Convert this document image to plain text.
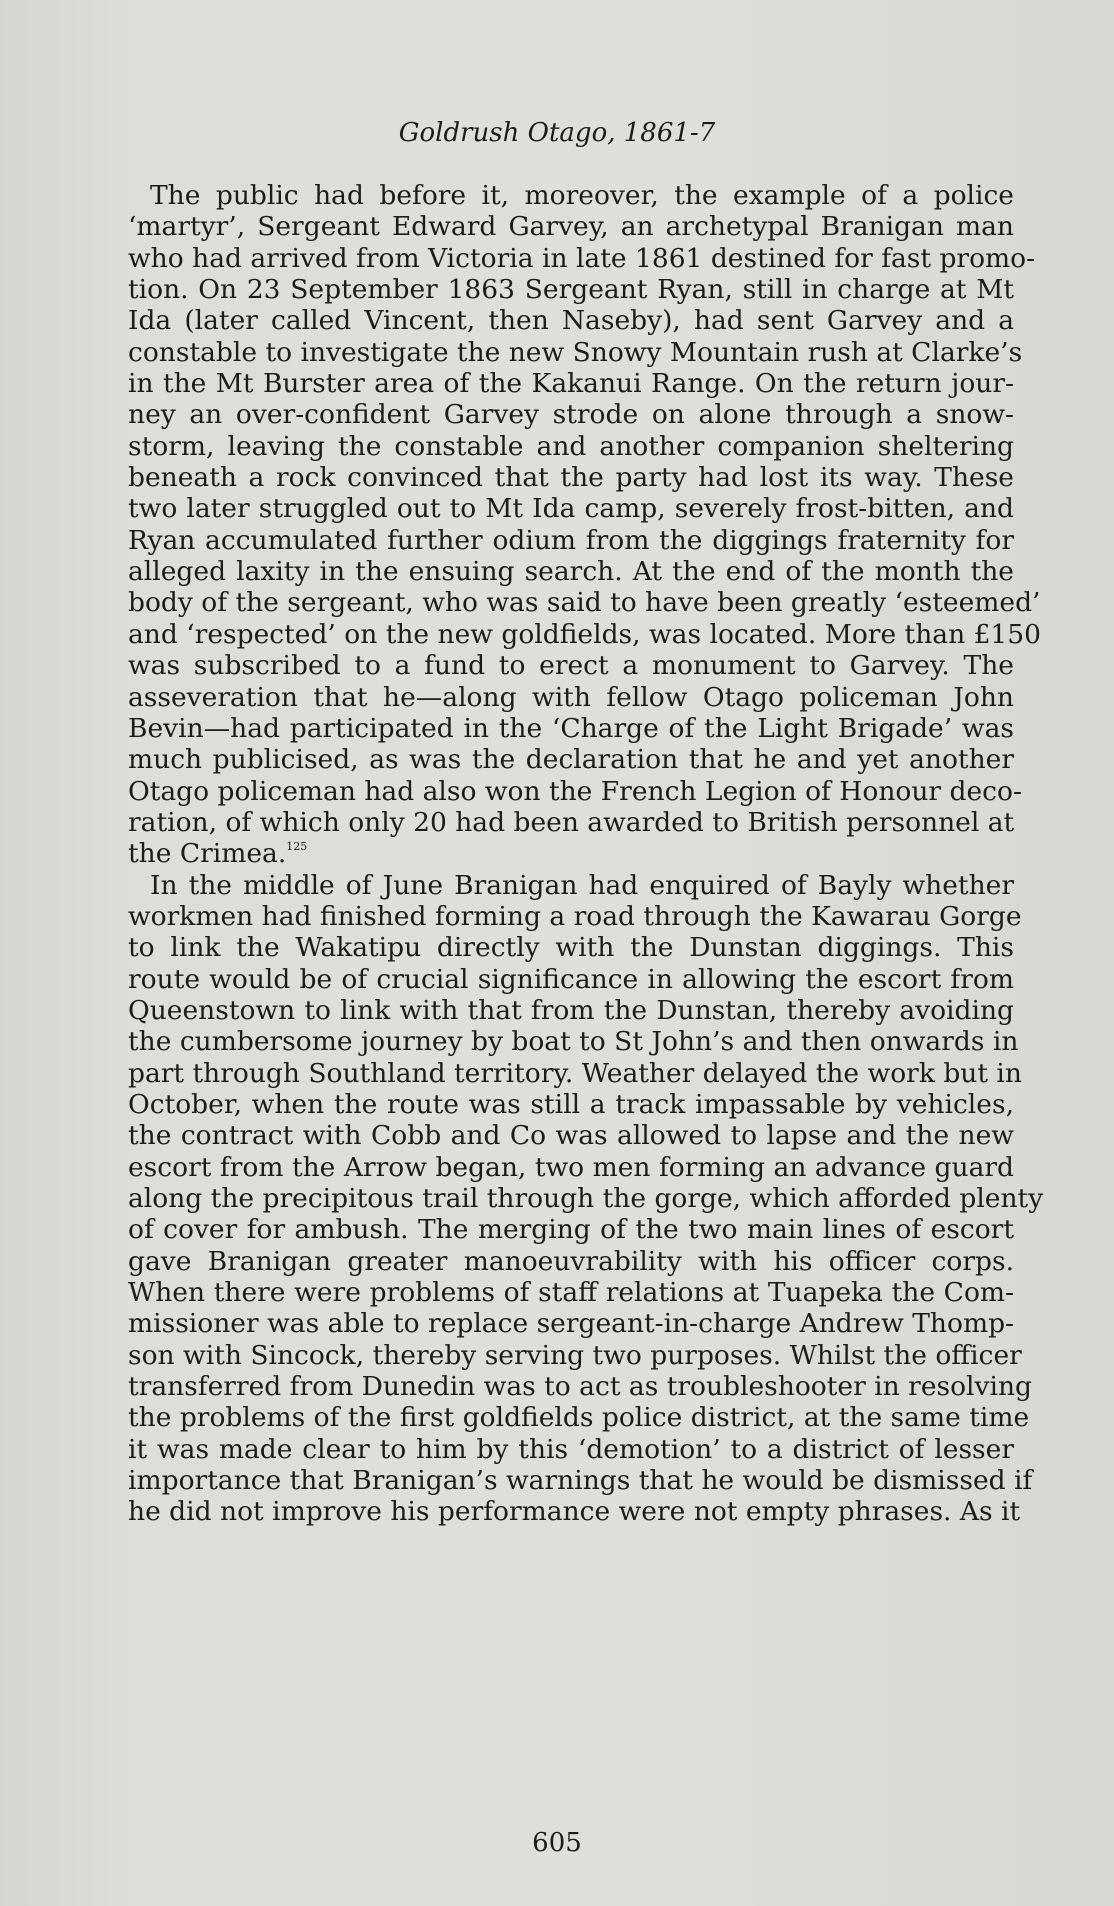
Goldrush Otago, 1861-7
The public had before it, moreover, the example of a police
‘martyr’, Sergeant Edward Garvey, an archetypal Branigan man
who had arrived from Victoria in late 1861 destined for fast promo-
tion. On 23 September 1863 Sergeant Ryan, still in charge at Mt
Ida (later called Vincent, then Naseby), had sent Garvey and a
constable to investigate the new Snowy Mountain rush at Clarke’s
in the Mt Burster area of the Kakanui Range. On the return jour-
ney an over-confident Garvey strode on alone through a snow-
storm, leaving the constable and another companion sheltering
beneath a rock convinced that the party had lost its way. These
two later struggled out to Mt Ida camp, severely frost-bitten, and
Ryan accumulated further odium from the diggings fraternity for
alleged laxity in the ensuing search. At the end of the month the
body of the sergeant, who was said to have been greatly ‘esteemed’
and ‘respected’ on the new goldfields, was located. More than £150
was subscribed to a fund to erect a monument to Garvey. The
asseveration that he—along with fellow Otago policeman John
Bevin—had participated in the ‘Charge of the Light Brigade’ was
much publicised, as was the declaration that he and yet another
Otago policeman had also won the French Legion of Honour deco-
ration, of which only 20 had been awarded to British personnel at
the Crimea.$^{125}$
In the middle of June Branigan had enquired of Bayly whether
workmen had finished forming a road through the Kawarau Gorge
to link the Wakatipu directly with the Dunstan diggings. This
route would be of crucial significance in allowing the escort from
Queenstown to link with that from the Dunstan, thereby avoiding
the cumbersome journey by boat to St John’s and then onwards in
part through Southland territory. Weather delayed the work but in
October, when the route was still a track impassable by vehicles,
the contract with Cobb and Co was allowed to lapse and the new
escort from the Arrow began, two men forming an advance guard
along the precipitous trail through the gorge, which afforded plenty
of cover for ambush. The merging of the two main lines of escort
gave Branigan greater manoeuvrability with his officer corps.
When there were problems of staff relations at Tuapeka the Com-
missioner was able to replace sergeant-in-charge Andrew Thomp-
son with Sincock, thereby serving two purposes. Whilst the officer
transferred from Dunedin was to act as troubleshooter in resolving
the problems of the first goldfields police district, at the same time
it was made clear to him by this ‘demotion’ to a district of lesser
importance that Branigan’s warnings that he would be dismissed if
he did not improve his performance were not empty phrases. As it
605
